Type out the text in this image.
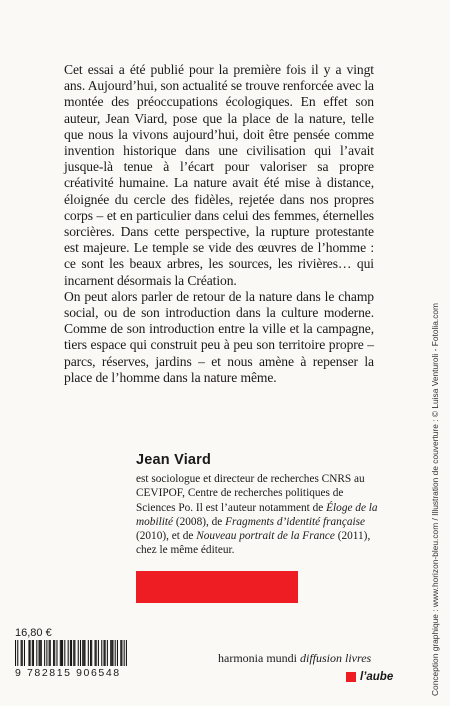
Cet essai a été publié pour la première fois il y a vingt ans. Aujourd’hui, son actualité se trouve renforcée avec la montée des préoccupations écologiques. En effet son auteur, Jean Viard, pose que la place de la nature, telle que nous la vivons aujourd’hui, doit être pensée comme invention historique dans une civilisation qui l’avait jusque-là tenue à l’écart pour valoriser sa propre créativité humaine. La nature avait été mise à distance, éloignée du cercle des fidèles, rejetée dans nos propres corps – et en particulier dans celui des femmes, éternelles sorcières. Dans cette perspective, la rupture protestante est majeure. Le temple se vide des œuvres de l’homme : ce sont les beaux arbres, les sources, les rivières… qui incarnent désormais la Création.

On peut alors parler de retour de la nature dans le champ social, ou de son introduction dans la culture moderne. Comme de son introduction entre la ville et la campagne, tiers espace qui construit peu à peu son territoire propre – parcs, réserves, jardins – et nous amène à repenser la place de l’homme dans la nature même.

Jean Viard
est sociologue et directeur de recherches CNRS au CEVIPOF, Centre de recherches politiques de Sciences Po. Il est l’auteur notamment de Éloge de la mobilité (2008), de Fragments d’identité française (2010), et de Nouveau portrait de la France (2011), chez le même éditeur.
16,80 €
9 782815 906548
harmonia mundi diffusion livres
l’aube	Conception graphique : www.horizon-bleu.com / Illustration de couverture : © Luisa Venturoli - Fotolia.com
